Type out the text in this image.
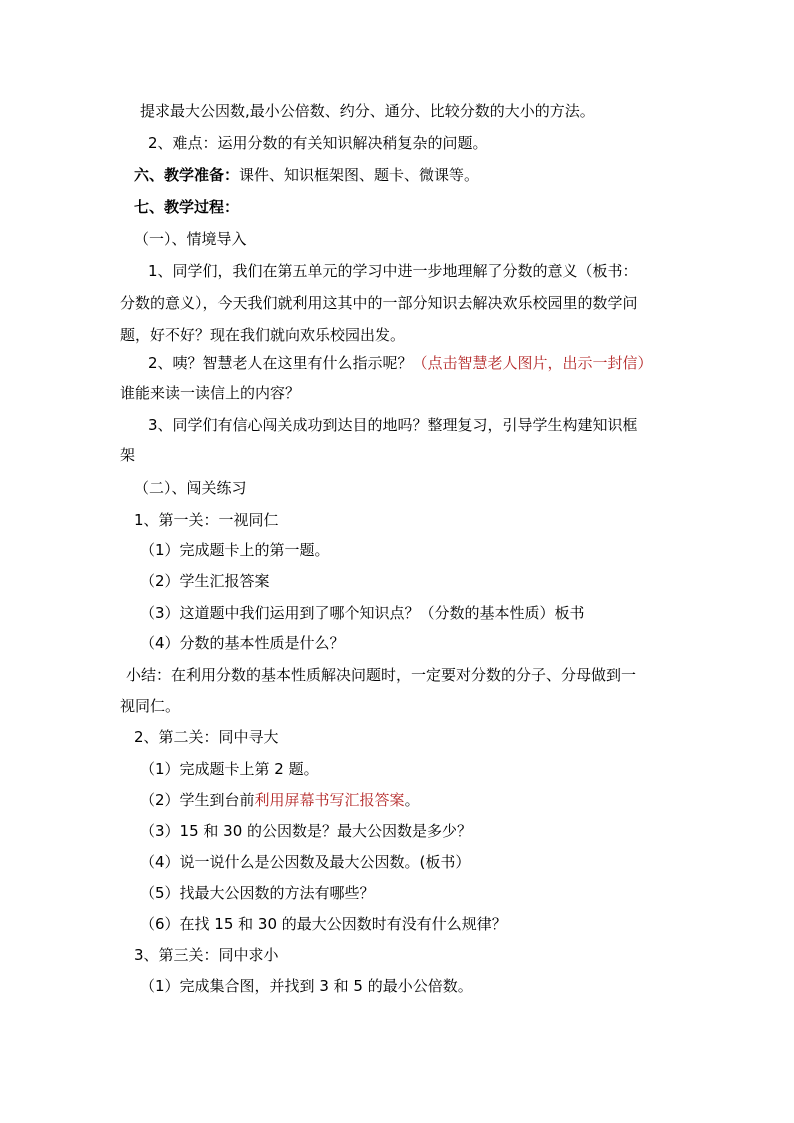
提求最大公因数,最小公倍数、约分、通分、比较分数的大小的方法。
2、难点：运用分数的有关知识解决稍复杂的问题。
六、教学准备：课件、知识框架图、题卡、微课等。
七、教学过程：
（一）、情境导入
1、同学们，我们在第五单元的学习中进一步地理解了分数的意义（板书：
分数的意义），今天我们就利用这其中的一部分知识去解决欢乐校园里的数学问
题，好不好？现在我们就向欢乐校园出发。
2、咦？智慧老人在这里有什么指示呢？（点击智慧老人图片，出示一封信）
谁能来读一读信上的内容？
3、同学们有信心闯关成功到达目的地吗？整理复习，引导学生构建知识框
架
（二）、闯关练习
1、第一关：一视同仁
（1）完成题卡上的第一题。
（2）学生汇报答案
（3）这道题中我们运用到了哪个知识点？（分数的基本性质）板书
（4）分数的基本性质是什么？
小结：在利用分数的基本性质解决问题时，一定要对分数的分子、分母做到一
视同仁。
2、第二关：同中寻大
（1）完成题卡上第 2 题。
（2）学生到台前利用屏幕书写汇报答案。
（3）15 和 30 的公因数是？最大公因数是多少？
（4）说一说什么是公因数及最大公因数。(板书）
（5）找最大公因数的方法有哪些？
（6）在找 15 和 30 的最大公因数时有没有什么规律？
3、第三关：同中求小
（1）完成集合图，并找到 3 和 5 的最小公倍数。
